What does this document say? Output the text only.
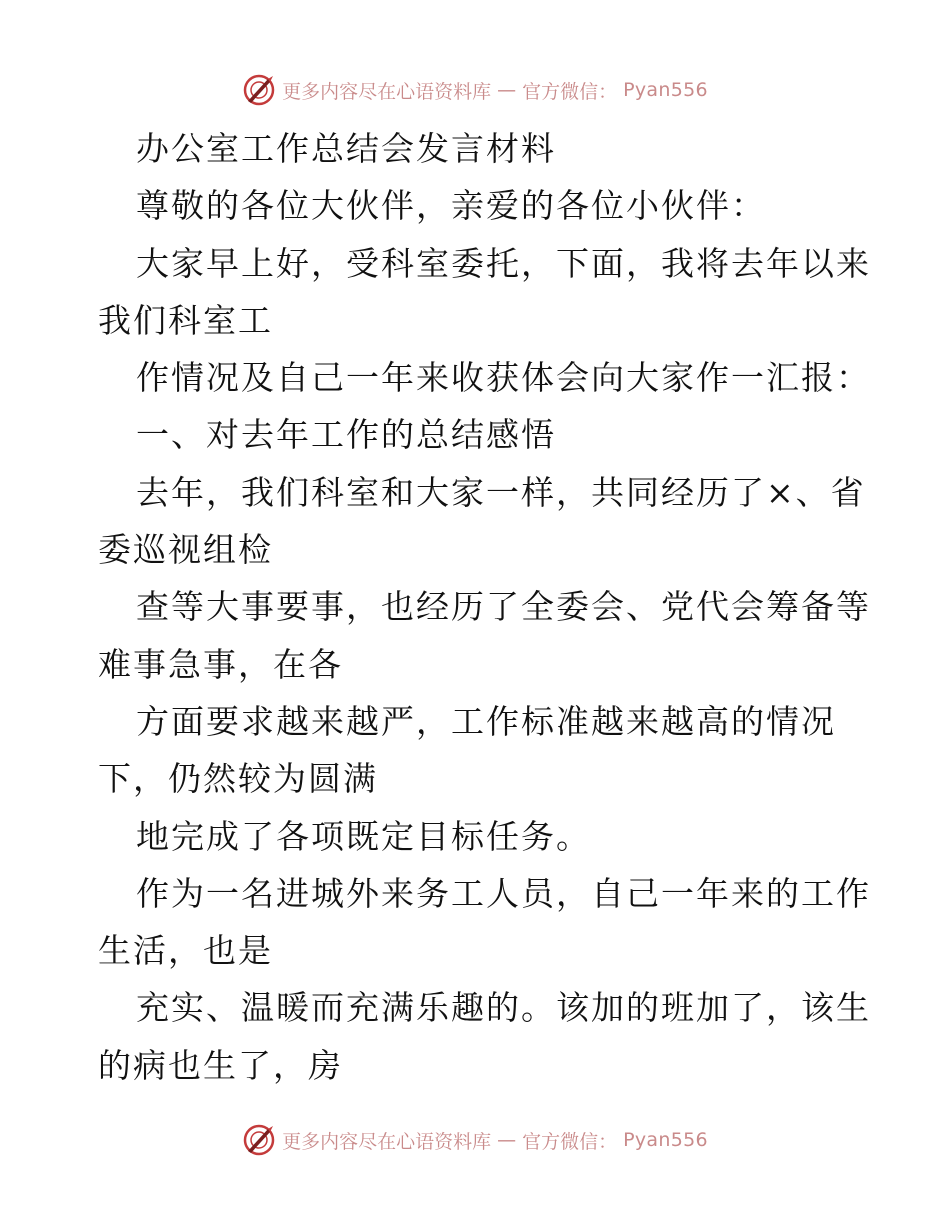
更多内容尽在心语资料库 — 官方微信： Pyan556
办公室工作总结会发言材料
尊敬的各位大伙伴，亲爱的各位小伙伴：
大家早上好，受科室委托，下面，我将去年以来
我们科室工
作情况及自己一年来收获体会向大家作一汇报：
一、对去年工作的总结感悟
去年，我们科室和大家一样，共同经历了×、省
委巡视组检
查等大事要事，也经历了全委会、党代会筹备等
难事急事，在各
方面要求越来越严，工作标准越来越高的情况
下，仍然较为圆满
地完成了各项既定目标任务。
作为一名进城外来务工人员，自己一年来的工作
生活，也是
充实、温暖而充满乐趣的。该加的班加了，该生
的病也生了，房
更多内容尽在心语资料库 — 官方微信： Pyan556
